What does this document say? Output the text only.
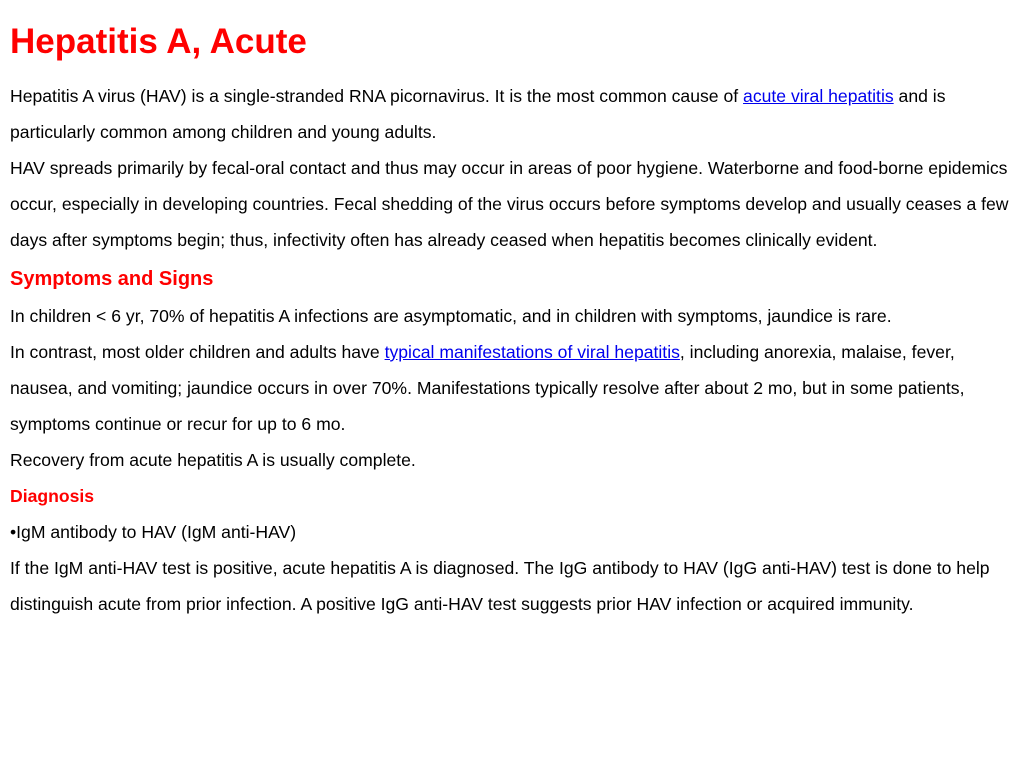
Hepatitis A, Acute

Hepatitis A virus (HAV) is a single-stranded RNA picornavirus. It is the most common cause of acute viral hepatitis and is particularly common among children and young adults.

HAV spreads primarily by fecal-oral contact and thus may occur in areas of poor hygiene. Waterborne and food-borne epidemics occur, especially in developing countries. Fecal shedding of the virus occurs before symptoms develop and usually ceases a few days after symptoms begin; thus, infectivity often has already ceased when hepatitis becomes clinically evident.

Symptoms and Signs

In children < 6 yr, 70% of hepatitis A infections are asymptomatic, and in children with symptoms, jaundice is rare.

In contrast, most older children and adults have typical manifestations of viral hepatitis, including anorexia, malaise, fever, nausea, and vomiting; jaundice occurs in over 70%. Manifestations typically resolve after about 2 mo, but in some patients, symptoms continue or recur for up to 6 mo.

Recovery from acute hepatitis A is usually complete.

Diagnosis

•IgM antibody to HAV (IgM anti-HAV)

If the IgM anti-HAV test is positive, acute hepatitis A is diagnosed. The IgG antibody to HAV (IgG anti-HAV) test is done to help distinguish acute from prior infection. A positive IgG anti-HAV test suggests prior HAV infection or acquired immunity.
